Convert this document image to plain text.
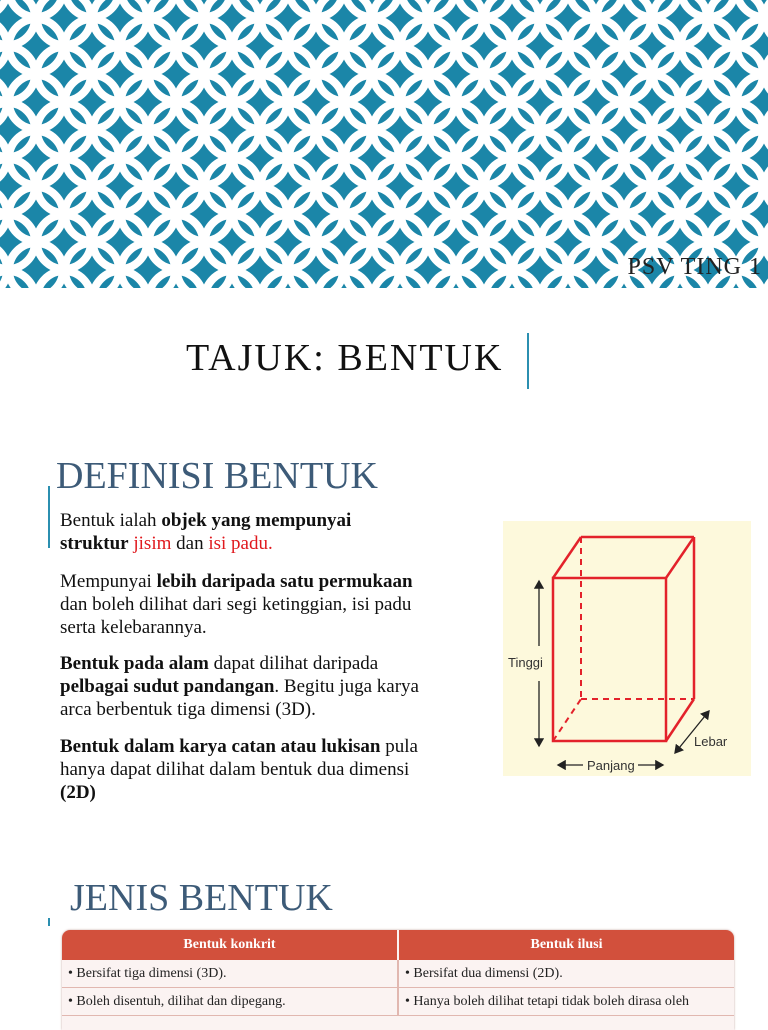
PSV TING 1
TAJUK: BENTUK
DEFINISI BENTUK
Bentuk ialah objek yang mempunyai
struktur jisim dan isi padu.
Mempunyai lebih daripada satu permukaan
dan boleh dilihat dari segi ketinggian, isi padu
serta kelebarannya.
Bentuk pada alam dapat dilihat daripada
pelbagai sudut pandangan. Begitu juga karya
arca berbentuk tiga dimensi (3D).
Bentuk dalam karya catan atau lukisan pula
hanya dapat dilihat dalam bentuk dua dimensi
(2D)
Tinggi
Panjang
Lebar
JENIS BENTUK
Bentuk konkrit	Bentuk ilusi
• Bersifat tiga dimensi (3D).
• Boleh disentuh, dilihat dan dipegang.
• Bersifat dua dimensi (2D).
• Hanya boleh dilihat tetapi tidak boleh dirasa oleh
